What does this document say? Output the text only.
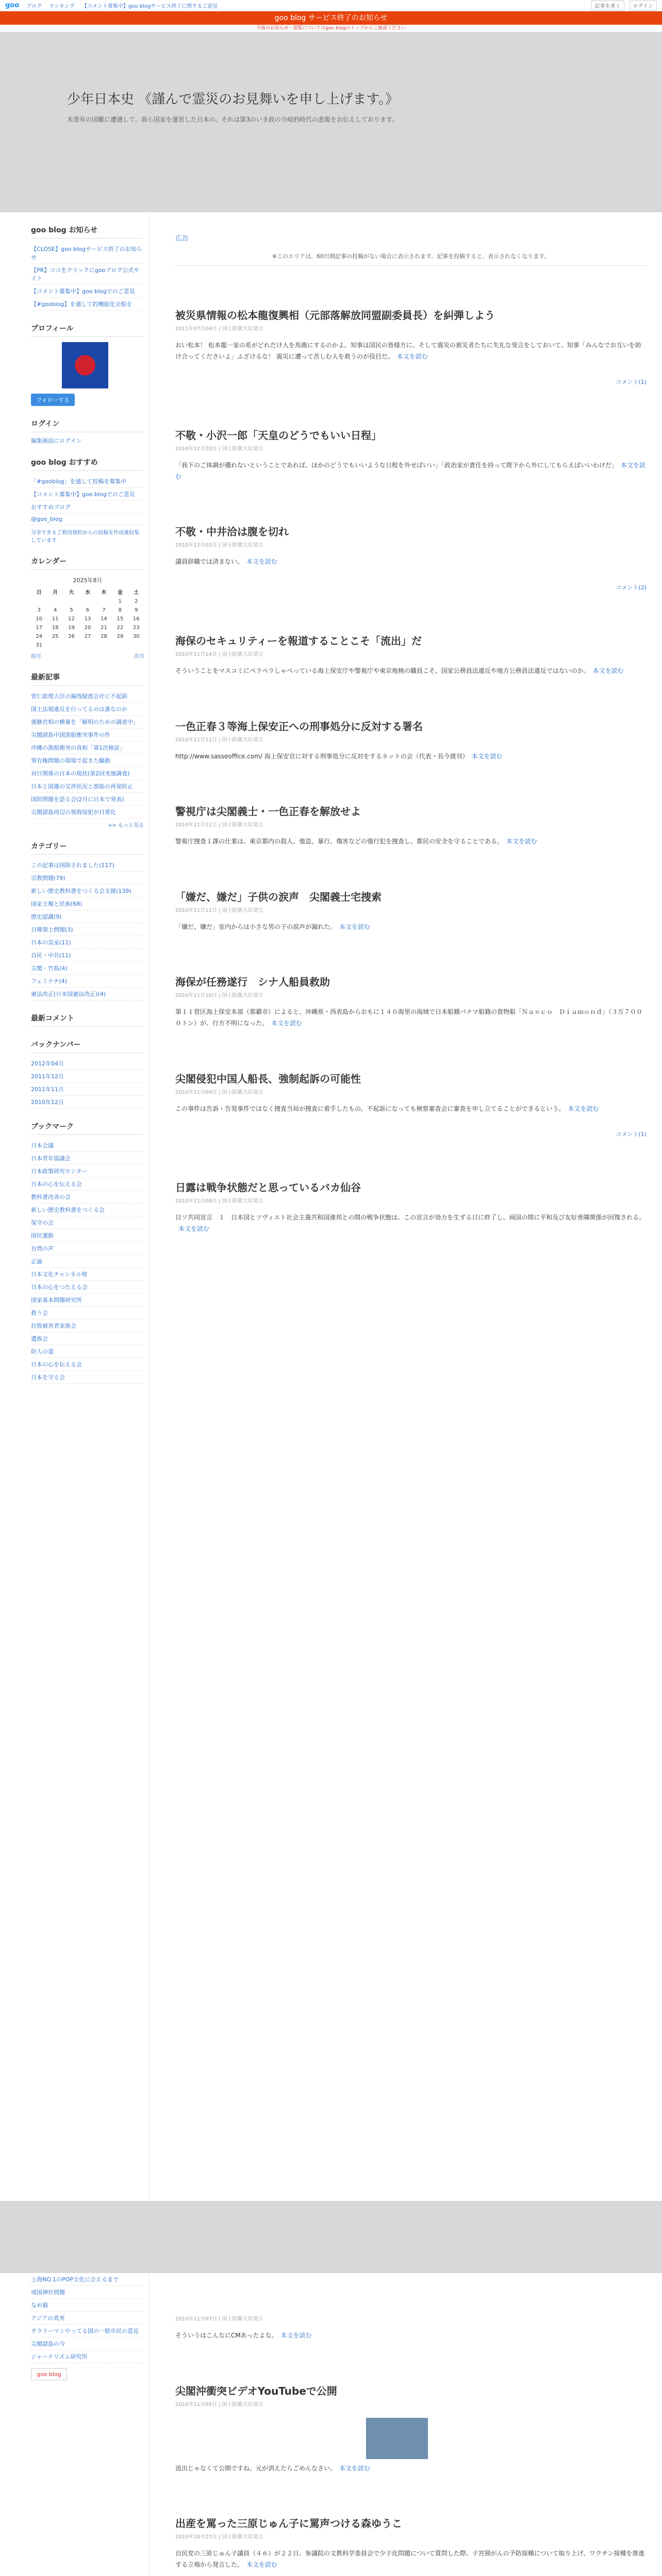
goo ブログ ランキング 【コメント募集中】goo blogサービス終了に関するご意見	記事を書く	ログイン
goo blog サービス終了のお知らせ
今後のお知らせ・閲覧についてはgoo blogのトップからご確認ください
少年日本史 《謹んで霊災のお見舞いを申し上げます。》

未曽有の国難に遭遇して、我ら国家を運営した日本の、それは第3のいま政の分岐的時代の悲報をお伝えしております。

goo blog お知らせ
【CLOSE】goo blogサービス終了のお知らせ
【PR】ココをクリックにgooブログ公式サイト
【コメント募集中】goo blogでのご意見
【#gooblog】を通して的機能化全般を
プロフィール
フォローする
ログイン
編集画面にログイン
goo blog おすすめ
「#gooblog」を通して投稿を募集中
【コメント募集中】goo blogでのご意見
おすすめブログ
@goo_blog

分享できるご利用規約からの投稿を作成後収集しています

カレンダー
2025年8月
日	月	火	水	木	金	土
					1	2
3	4	5	6	7	8	9
10	11	12	13	14	15	16
17	18	19	20	21	22	23
24	25	26	27	28	29	30
31						
前月	次月
最新記事
菅仁総理大臣の漏洩疑惑会社に不起訴
国土法規違反を行ってるのは誰なのか
後継首相の横暴を「解明のための調査中」
尖閣諸島中国漁船衝突事件の件
沖縄の漁船衝突の真相「第1次検証」
領有権問題の現場で起きた騒動
対日関係の日本の現状(第2回実施調査)
日本と国連の交渉状況と漁船の再発防止
国防問題を語る会(2月に日本で発表)
尖閣諸島周辺の領海侵犯が日常化
>> もっと見る
カテゴリー
この記事は削除されました(117)
宗教問題(79)
新しい歴史教科書をつくる会支援(139)
国家主権と民族(68)
歴史認識(9)
日韓領土問題(3)
日本の皇室(11)
自民・中共(11)
尖閣・竹島(4)
フェミナチ(4)
憲法改正(日本国憲法改正)(4)
最新コメント
バックナンバー
2012年04月
2011年12月
2011年11月
2010年12月
ブックマーク
日本会議
日本青年協議会
日本政策研究センター
日本の心を伝える会
教科書改善の会
新しい歴史教科書をつくる会
保守の会
国民運動
台湾の声
正論
日本文化チャンネル桜
日本の心をつたえる会
国家基本問題研究所
救う会
拉致被害者家族会
遺族会
防人の道
日本の心を伝える会
日本を守る会
広告
※このエリアは、60日間記事の投稿がない場合に表示されます。記事を投稿すると、表示されなくなります。
被災県情報の松本龍復興相（元部落解放同盟副委員長）を糾弾しよう
2011年07月04日 | 国土防衛大臣発言
おい松本！ 松本龍一家の系がどれだけ人を馬鹿にするのかよ。知事は国民の皆様方に、そして震災の被災者たちに失礼な発言をしておいて、知事「みんなでお互いを助け合ってくださいよ」ふざけるな！ 震災に遭って苦しむ人を救うのが役目だ。 本文を読む
コメント(1)
不敬・小沢一郎「天皇のどうでもいい日程」
2010年12月20日 | 国土防衛大臣発言
「我下のご体調が優れないということであれば、ほかのどうでもいいような日程を外せばいい」「政治家が責任を持って陛下から外にしてもらえばいいわけだ」 本文を読む
不敬・中井洽は腹を切れ
2010年12月02日 | 国土防衛大臣発言
議員辞職では済まない。 本文を読む
コメント(2)
海保のセキュリティーを報道することこそ「流出」だ
2010年11月14日 | 国土防衛大臣発言
そういうことをマスコミにペラペラしゃべっている海上保安庁や警視庁や東京地検の職員こそ、国家公務員法違反や地方公務員法違反ではないのか。 本文を読む
一色正春３等海上保安正への刑事処分に反対する署名
2010年11月11日 | 国土防衛大臣発言
http://www.sasseoffice.com/ 海上保安官に対する刑事処分に反対をするネットの会（代表・長今渡刊） 本文を読む
警視庁は尖閣義士・一色正春を解放せよ
2010年11月11日 | 国土防衛大臣発言
警視庁捜査１課の仕業は、東京都内の殺人、強盗、暴行、傷害などの強行犯を捜査し、都民の安全を守ることである。 本文を読む
「嫌だ、嫌だ」子供の涙声　尖閣義士宅捜索
2010年11月11日 | 国土防衛大臣発言
「嫌だ、嫌だ」室内からは小さな男の子の涙声が漏れた。 本文を読む
海保が任務遂行　シナ人船員救助
2010年11月10日 | 国土防衛大臣発言
第１１管区海上保安本部（那覇市）によると、沖縄県・西表島からおもに１４０海里の海域で日本船籍パナマ船籍の貨物船「Ｎａｓｃｏ　Ｄｉａｍｏｎｄ」（３万７０００トン）が、行方不明になった。 本文を読む
尖閣侵犯中国人船長、強制起訴の可能性
2010年11月09日 | 国土防衛大臣発言
この事件は告訴・告発事件ではなく捜査当局が捜査に着手したもの。不起訴になっても検察審査会に審査を申し立てることができるという。 本文を読む
コメント(1)
日露は戦争状態だと思っているバカ仙谷
2010年11月08日 | 国土防衛大臣発言
日ソ共同宣言　１　日本国とソヴィエト社会主義共和国連邦との間の戦争状態は、この宣言が効力を生ずる日に終了し、両国の間に平和及び友好善隣関係が回復される。本文を読む
上海NO.1のPOP文化に会えるまで
靖国神社問題
なめ猫
アジアの真実
サラリーマンやってる国の一般市民の意見
尖閣諸島の今
ジャーナリズム研究所
goo blog
2010年11月07日 | 国土防衛大臣発言
そういうはこんなにCMあったよな。 本文を読む
尖閣沖衝突ビデオYouTubeで公開
2010年11月05日 | 国土防衛大臣発言
流出じゃなくて公開ですね。元が消えたらごめんなさい。 本文を読む
出産を罵った三原じゅん子に罵声つける森ゆうこ
2010年10月27日 | 国土防衛大臣発言
自民党の三原じゅん子議員（４６）が２２日、参議院の文教科学委員会で少子化問題について質問した際、子宮頸がんの予防接種について取り上げ、ワクチン接種を推進する立場から発言した。 本文を読む
